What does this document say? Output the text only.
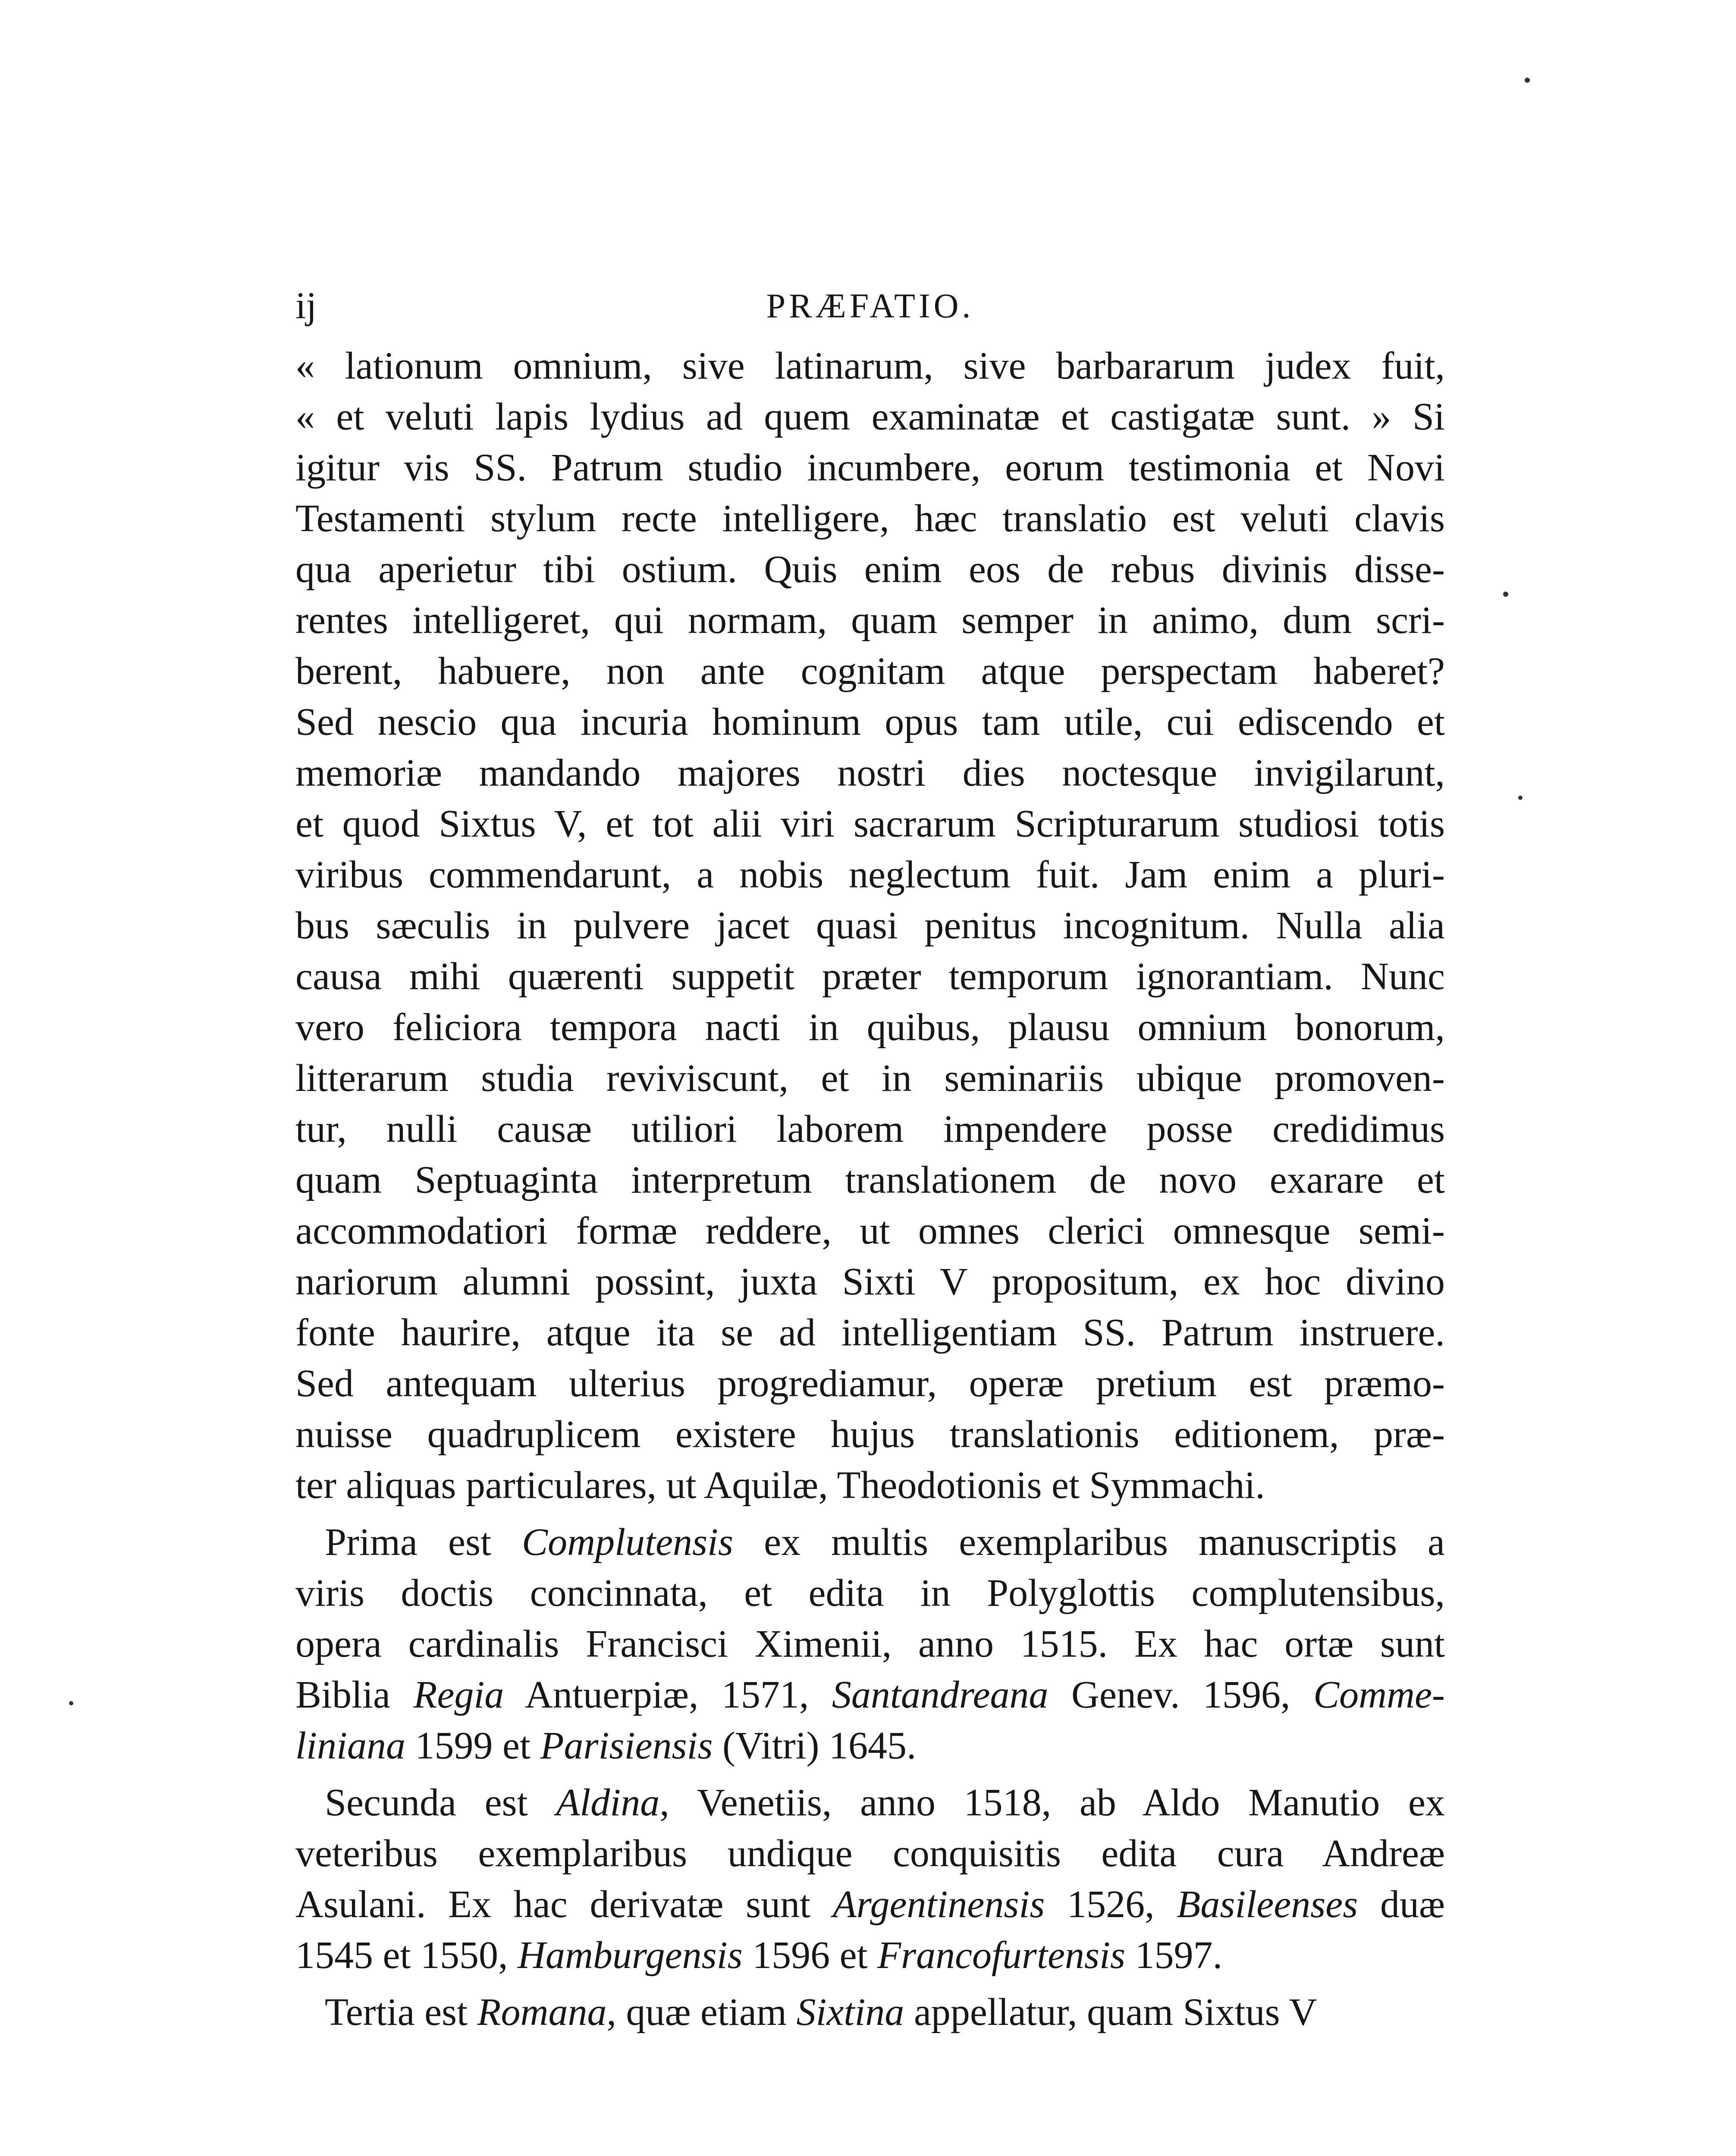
ij	PRÆFATIO.
« lationum omnium, sive latinarum, sive barbararum judex fuit,
« et veluti lapis lydius ad quem examinatæ et castigatæ sunt. » Si
igitur vis SS. Patrum studio incumbere, eorum testimonia et Novi
Testamenti stylum recte intelligere, hæc translatio est veluti clavis
qua aperietur tibi ostium. Quis enim eos de rebus divinis disse-
rentes intelligeret, qui normam, quam semper in animo, dum scri-
berent, habuere, non ante cognitam atque perspectam haberet?
Sed nescio qua incuria hominum opus tam utile, cui ediscendo et
memoriæ mandando majores nostri dies noctesque invigilarunt,
et quod Sixtus V, et tot alii viri sacrarum Scripturarum studiosi totis
viribus commendarunt, a nobis neglectum fuit. Jam enim a pluri-
bus sæculis in pulvere jacet quasi penitus incognitum. Nulla alia
causa mihi quærenti suppetit præter temporum ignorantiam. Nunc
vero feliciora tempora nacti in quibus, plausu omnium bonorum,
litterarum studia reviviscunt, et in seminariis ubique promoven-
tur, nulli causæ utiliori laborem impendere posse credidimus
quam Septuaginta interpretum translationem de novo exarare et
accommodatiori formæ reddere, ut omnes clerici omnesque semi-
nariorum alumni possint, juxta Sixti V propositum, ex hoc divino
fonte haurire, atque ita se ad intelligentiam SS. Patrum instruere.
Sed antequam ulterius progrediamur, operæ pretium est præmo-
nuisse quadruplicem existere hujus translationis editionem, præ-
ter aliquas particulares, ut Aquilæ, Theodotionis et Symmachi.
Prima est Complutensis ex multis exemplaribus manuscriptis a
viris doctis concinnata, et edita in Polyglottis complutensibus,
opera cardinalis Francisci Ximenii, anno 1515. Ex hac ortæ sunt
Biblia Regia Antuerpiæ, 1571, Santandreana Genev. 1596, Comme-
liniana 1599 et Parisiensis (Vitri) 1645.
Secunda est Aldina, Venetiis, anno 1518, ab Aldo Manutio ex
veteribus exemplaribus undique conquisitis edita cura Andreæ
Asulani. Ex hac derivatæ sunt Argentinensis 1526, Basileenses duæ
1545 et 1550, Hamburgensis 1596 et Francofurtensis 1597.
Tertia est Romana, quæ etiam Sixtina appellatur, quam Sixtus V
